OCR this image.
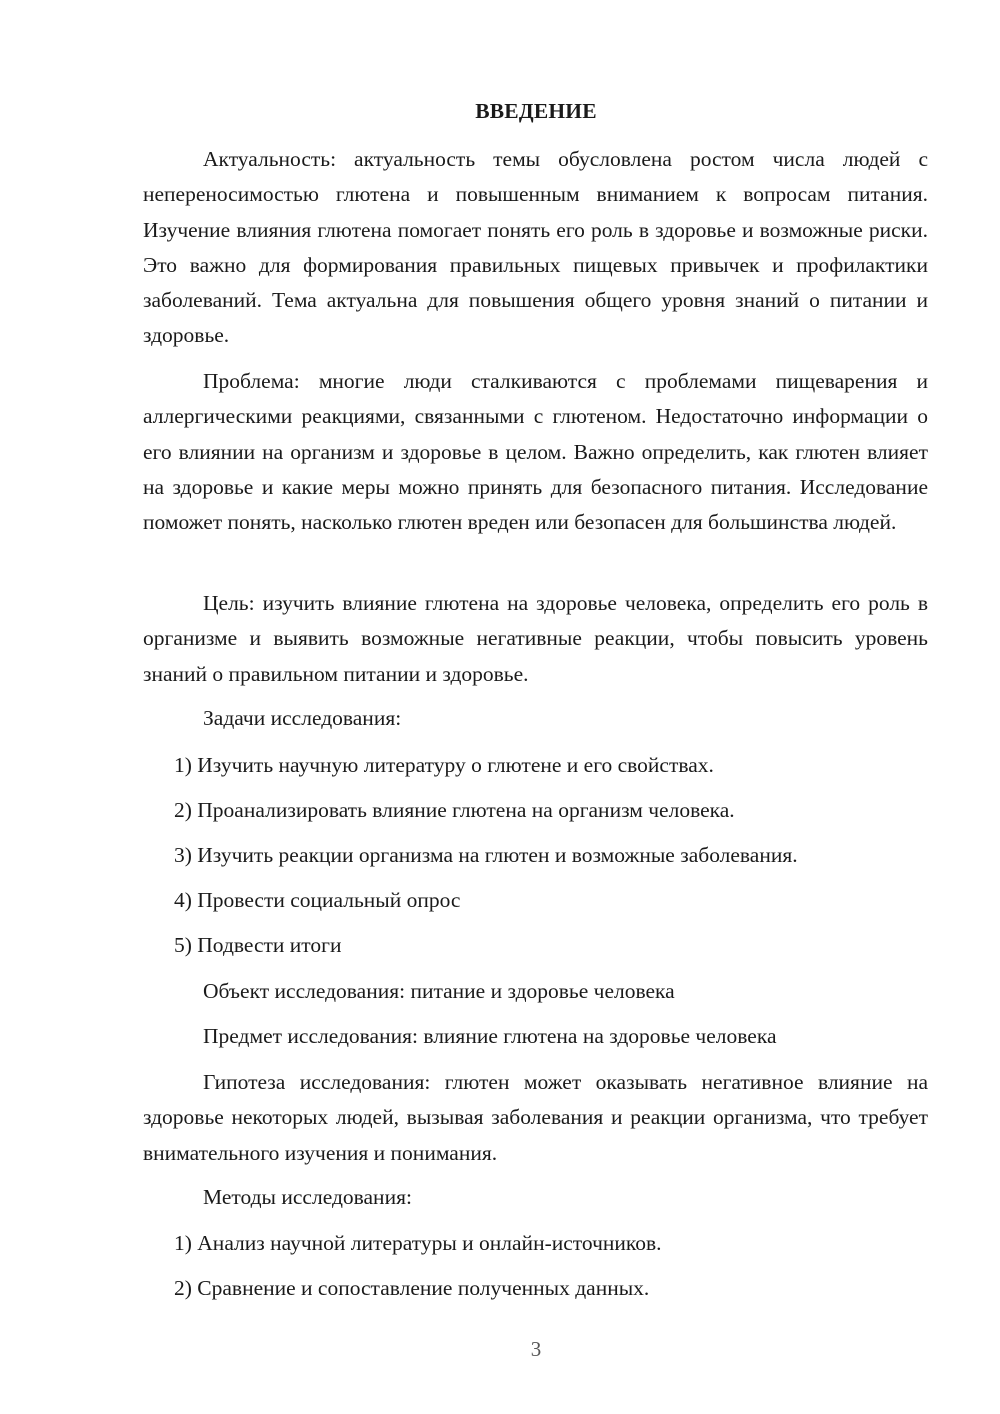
ВВЕДЕНИЕ

Актуальность: актуальность темы обусловлена ростом числа людей с непереносимостью глютена и повышенным вниманием к вопросам питания. Изучение влияния глютена помогает понять его роль в здоровье и возможные риски. Это важно для формирования правильных пищевых привычек и профилактики заболеваний. Тема актуальна для повышения общего уровня знаний о питании и здоровье.

Проблема: многие люди сталкиваются с проблемами пищеварения и аллергическими реакциями, связанными с глютеном. Недостаточно информации о его влиянии на организм и здоровье в целом. Важно определить, как глютен влияет на здоровье и какие меры можно принять для безопасного питания. Исследование поможет понять, насколько глютен вреден или безопасен для большинства людей.

Цель: изучить влияние глютена на здоровье человека, определить его роль в организме и выявить возможные негативные реакции, чтобы повысить уровень знаний о правильном питании и здоровье.

Задачи исследования:

1) Изучить научную литературу о глютене и его свойствах.

2) Проанализировать влияние глютена на организм человека.

3) Изучить реакции организма на глютен и возможные заболевания.

4) Провести социальный опрос

5) Подвести итоги

Объект исследования: питание и здоровье человека

Предмет исследования: влияние глютена на здоровье человека

Гипотеза исследования: глютен может оказывать негативное влияние на здоровье некоторых людей, вызывая заболевания и реакции организма, что требует внимательного изучения и понимания.

Методы исследования:

1) Анализ научной литературы и онлайн-источников.

2) Сравнение и сопоставление полученных данных.

3
